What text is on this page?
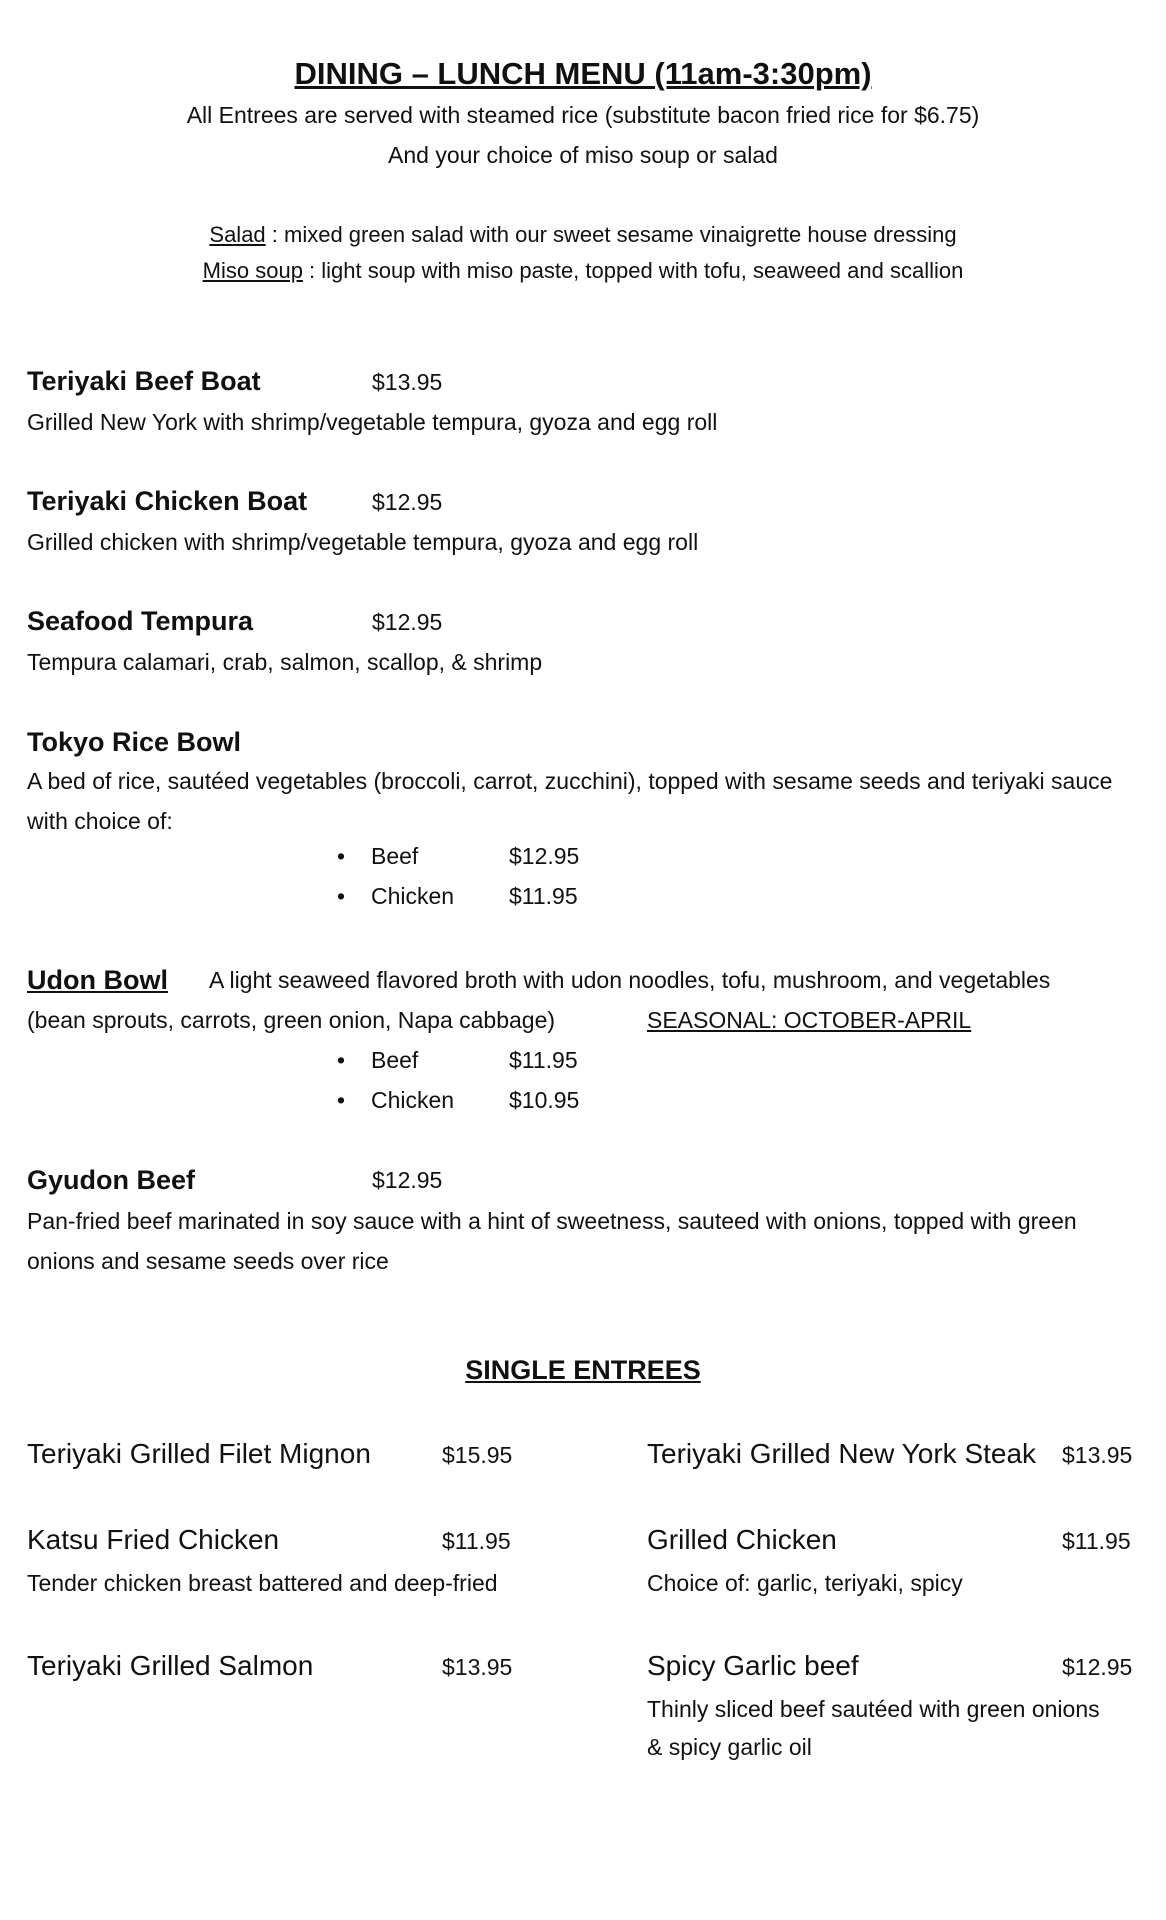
DINING – LUNCH MENU (11am-3:30pm)
All Entrees are served with steamed rice (substitute bacon fried rice for $6.75)
And your choice of miso soup or salad
Salad : mixed green salad with our sweet sesame vinaigrette house dressing
Miso soup : light soup with miso paste, topped with tofu, seaweed and scallion
Teriyaki Beef Boat	$13.95
Grilled New York with shrimp/vegetable tempura, gyoza and egg roll
Teriyaki Chicken Boat	$12.95
Grilled chicken with shrimp/vegetable tempura, gyoza and egg roll
Seafood Tempura	$12.95
Tempura calamari, crab, salmon, scallop, & shrimp
Tokyo Rice Bowl
A bed of rice, sautéed vegetables (broccoli, carrot, zucchini), topped with sesame seeds and teriyaki sauce with choice of:
• Beef	$12.95
• Chicken $11.95
Udon Bowl A light seaweed flavored broth with udon noodles, tofu, mushroom, and vegetables
(bean sprouts, carrots, green onion, Napa cabbage)	SEASONAL: OCTOBER-APRIL
• Beef	$11.95
• Chicken $10.95
Gyudon Beef	$12.95
Pan-fried beef marinated in soy sauce with a hint of sweetness, sauteed with onions, topped with green onions and sesame seeds over rice
SINGLE ENTREES
Teriyaki Grilled Filet Mignon	$15.95
Katsu Fried Chicken	$11.95
Tender chicken breast battered and deep-fried
Teriyaki Grilled Salmon	$13.95
Teriyaki Grilled New York Steak $13.95
Grilled Chicken	$11.95
Choice of: garlic, teriyaki, spicy
Spicy Garlic beef	$12.95
Thinly sliced beef sautéed with green onions
& spicy garlic oil
